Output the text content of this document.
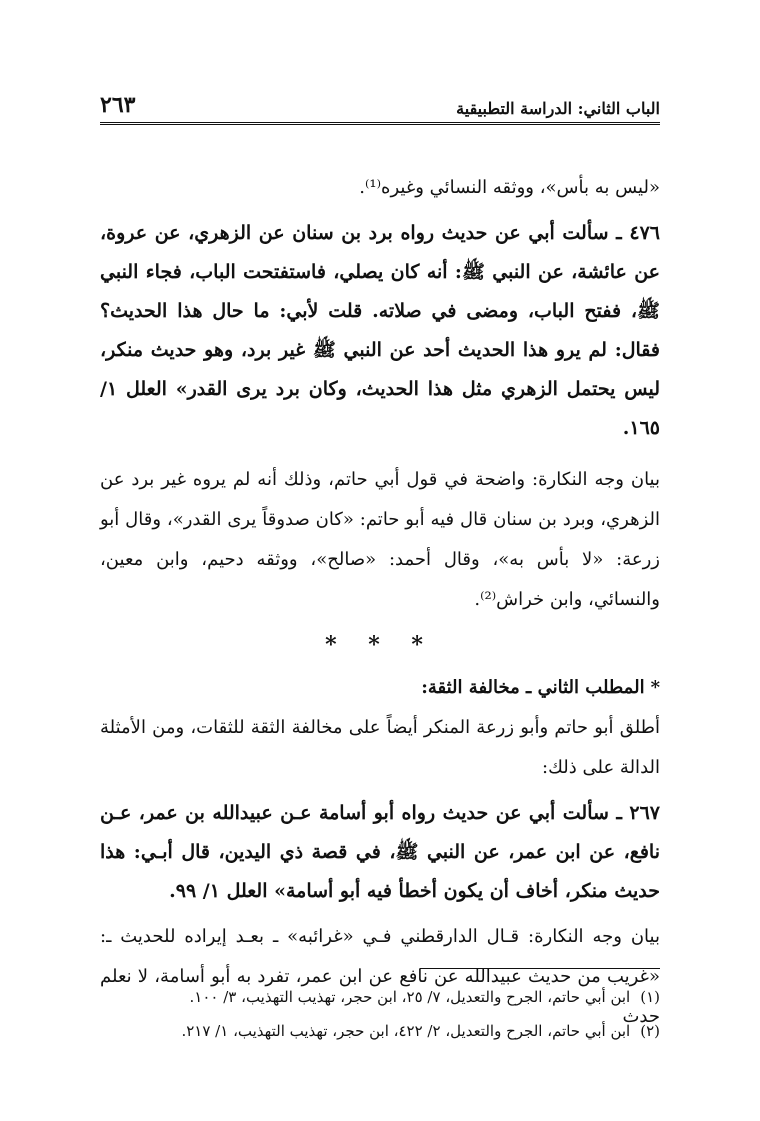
الباب الثاني: الدراسة التطبيقية
٢٦٣

«ليس به بأس»، ووثقه النسائي وغيره⁽¹⁾.

٤٧٦ ـ سألت أبي عن حديث رواه برد بن سنان عن الزهري، عن عروة، عن عائشة، عن النبي ﷺ: أنه كان يصلي، فاستفتحت الباب، فجاء النبي ﷺ، ففتح الباب، ومضى في صلاته. قلت لأبي: ما حال هذا الحديث؟ فقال: لم يرو هذا الحديث أحد عن النبي ﷺ غير برد، وهو حديث منكر، ليس يحتمل الزهري مثل هذا الحديث، وكان برد يرى القدر» العلل ١/ ١٦٥.

بيان وجه النكارة: واضحة في قول أبي حاتم، وذلك أنه لم يروه غير برد عن الزهري، وبرد بن سنان قال فيه أبو حاتم: «كان صدوقاً يرى القدر»، وقال أبو زرعة: «لا بأس به»، وقال أحمد: «صالح»، ووثقه دحيم، وابن معين، والنسائي، وابن خراش⁽²⁾.

* * *

*المطلب الثاني ـ مخالفة الثقة:

أطلق أبو حاتم وأبو زرعة المنكر أيضاً على مخالفة الثقة للثقات، ومن الأمثلة الدالة على ذلك:

٢٦٧ ـ سألت أبي عن حديث رواه أبو أسامة عـن عبيدالله بن عمر، عـن نافع، عن ابن عمر، عن النبي ﷺ، في قصة ذي اليدين، قال أبـي: هذا حديث منكر، أخاف أن يكون أخطأ فيه أبو أسامة» العلل ١/ ٩٩.

بيان وجه النكارة: قـال الدارقطني فـي «غرائبه» ـ بعـد إيراده للحديث ـ: «غريب من حديث عبيدالله عن نافع عن ابن عمر، تفرد به أبو أسامة، لا نعلم حدث

(١)ابن أبي حاتم، الجرح والتعديل، ٧/ ٢٥، ابن حجر، تهذيب التهذيب، ٣/ ١٠٠.

(٢)ابن أبي حاتم، الجرح والتعديل، ٢/ ٤٢٢، ابن حجر، تهذيب التهذيب، ١/ ٢١٧.
